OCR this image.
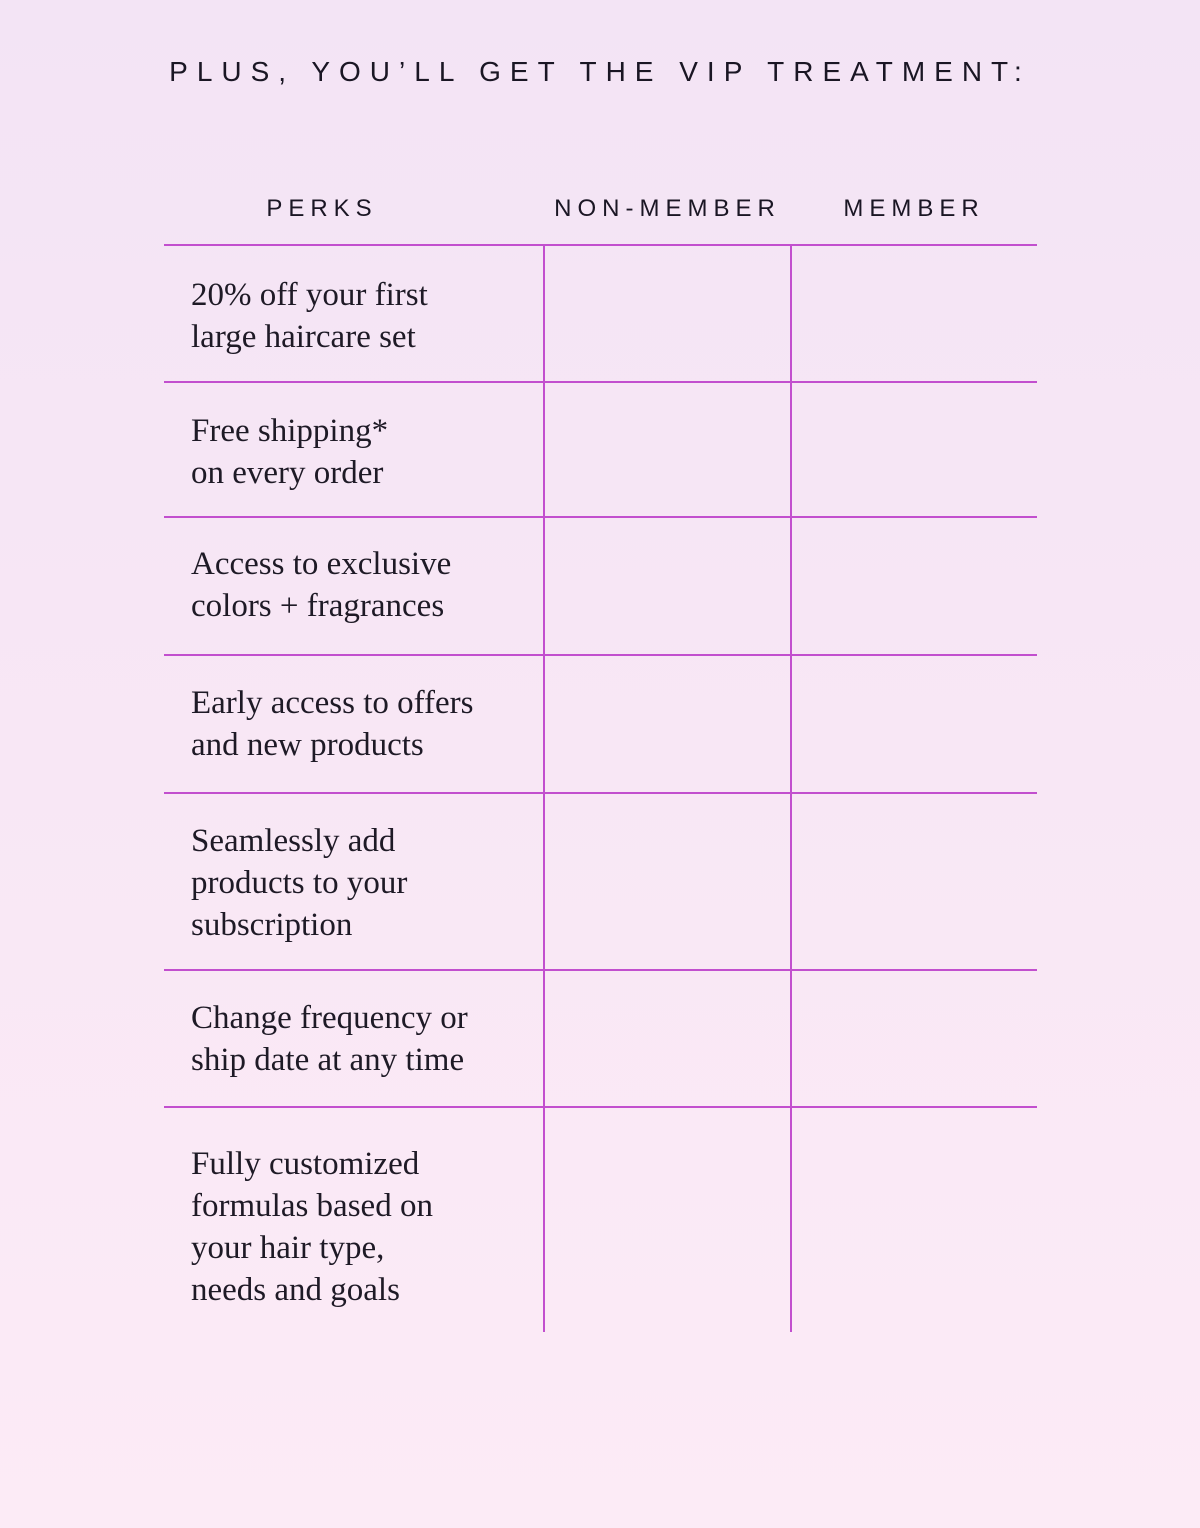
PLUS, YOU’LL GET THE VIP TREATMENT:
PERKS	NON-MEMBER	MEMBER
20% off your first
large haircare set
Free shipping*
on every order
Access to exclusive
colors + fragrances
Early access to offers
and new products
Seamlessly add
products to your
subscription
Change frequency or
ship date at any time
Fully customized
formulas based on
your hair type,
needs and goals
